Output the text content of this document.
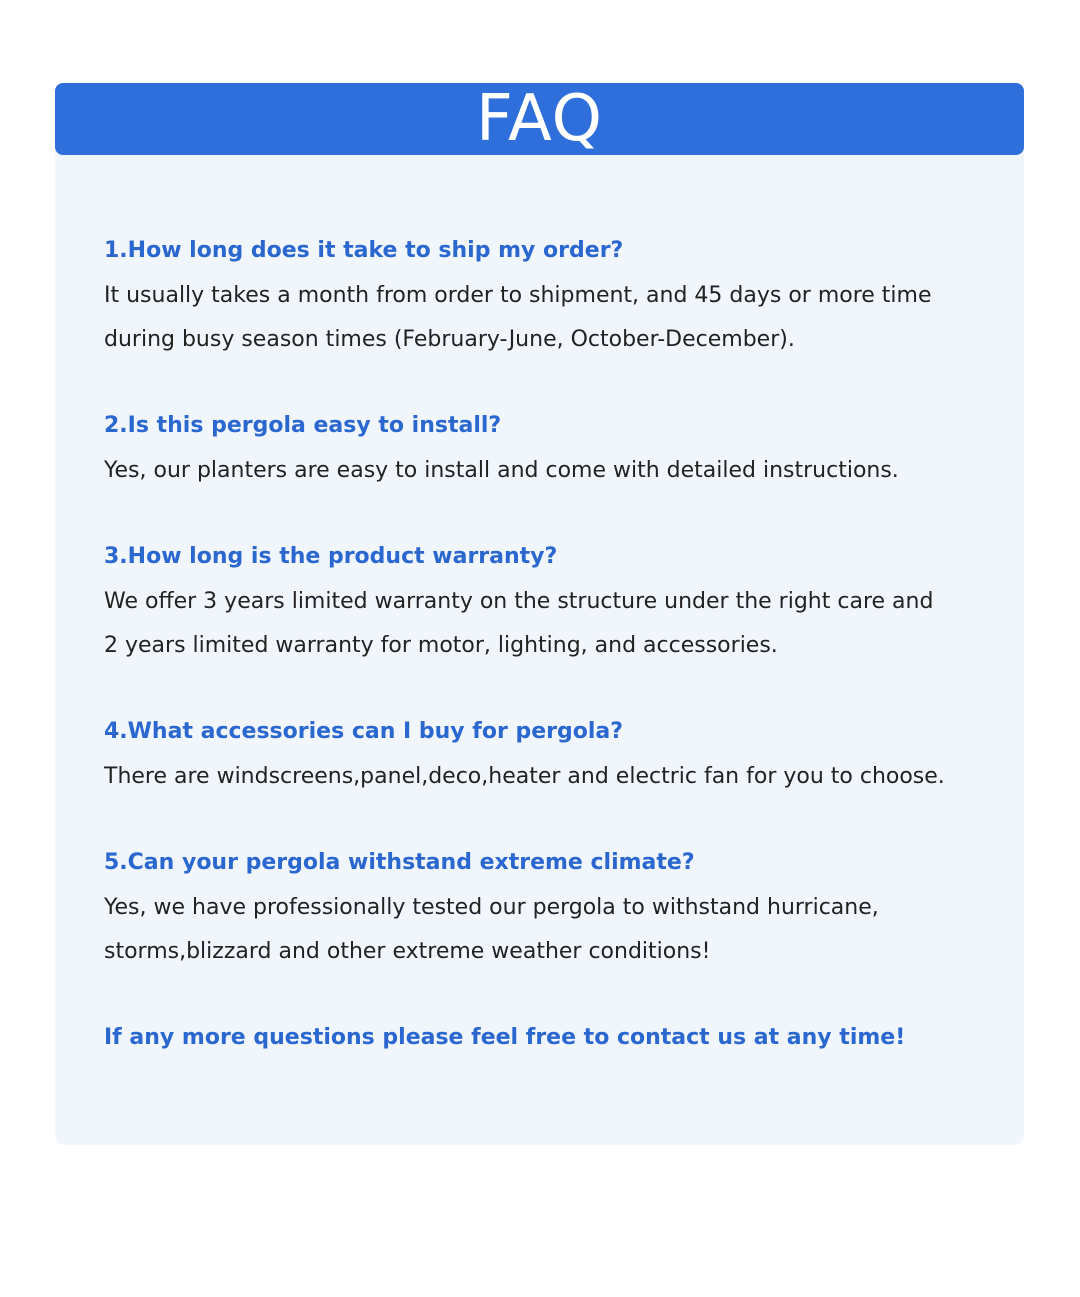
FAQ
1.How long does it take to ship my order?
It usually takes a month from order to shipment, and 45 days or more time
during busy season times (February-June, October-December).
2.Is this pergola easy to install?
Yes, our planters are easy to install and come with detailed instructions.
3.How long is the product warranty?
We offer 3 years limited warranty on the structure under the right care and
2 years limited warranty for motor, lighting, and accessories.
4.What accessories can I buy for pergola?
There are windscreens,panel,deco,heater and electric fan for you to choose.
5.Can your pergola withstand extreme climate?
Yes, we have professionally tested our pergola to withstand hurricane,
storms,blizzard and other extreme weather conditions!
If any more questions please feel free to contact us at any time!
